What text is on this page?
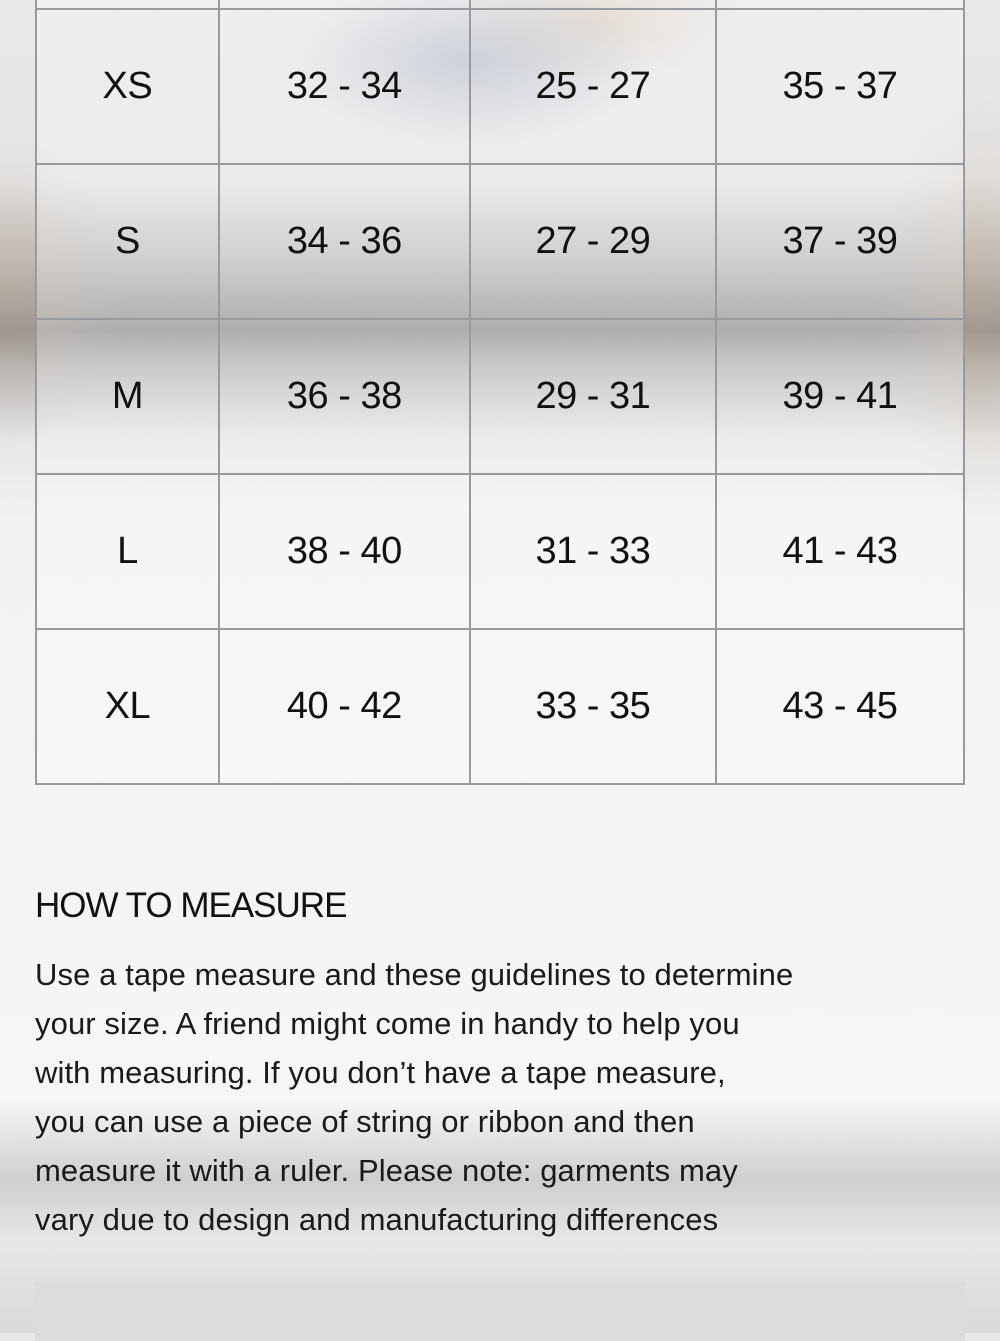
XS	32 - 34	25 - 27	35 - 37
S	34 - 36	27 - 29	37 - 39
M	36 - 38	29 - 31	39 - 41
L	38 - 40	31 - 33	41 - 43
XL	40 - 42	33 - 35	43 - 45
HOW TO MEASURE

Use a tape measure and these guidelines to determine
your size. A friend might come in handy to help you
with measuring. If you don’t have a tape measure,
you can use a piece of string or ribbon and then
measure it with a ruler. Please note: garments may
vary due to design and manufacturing differences
